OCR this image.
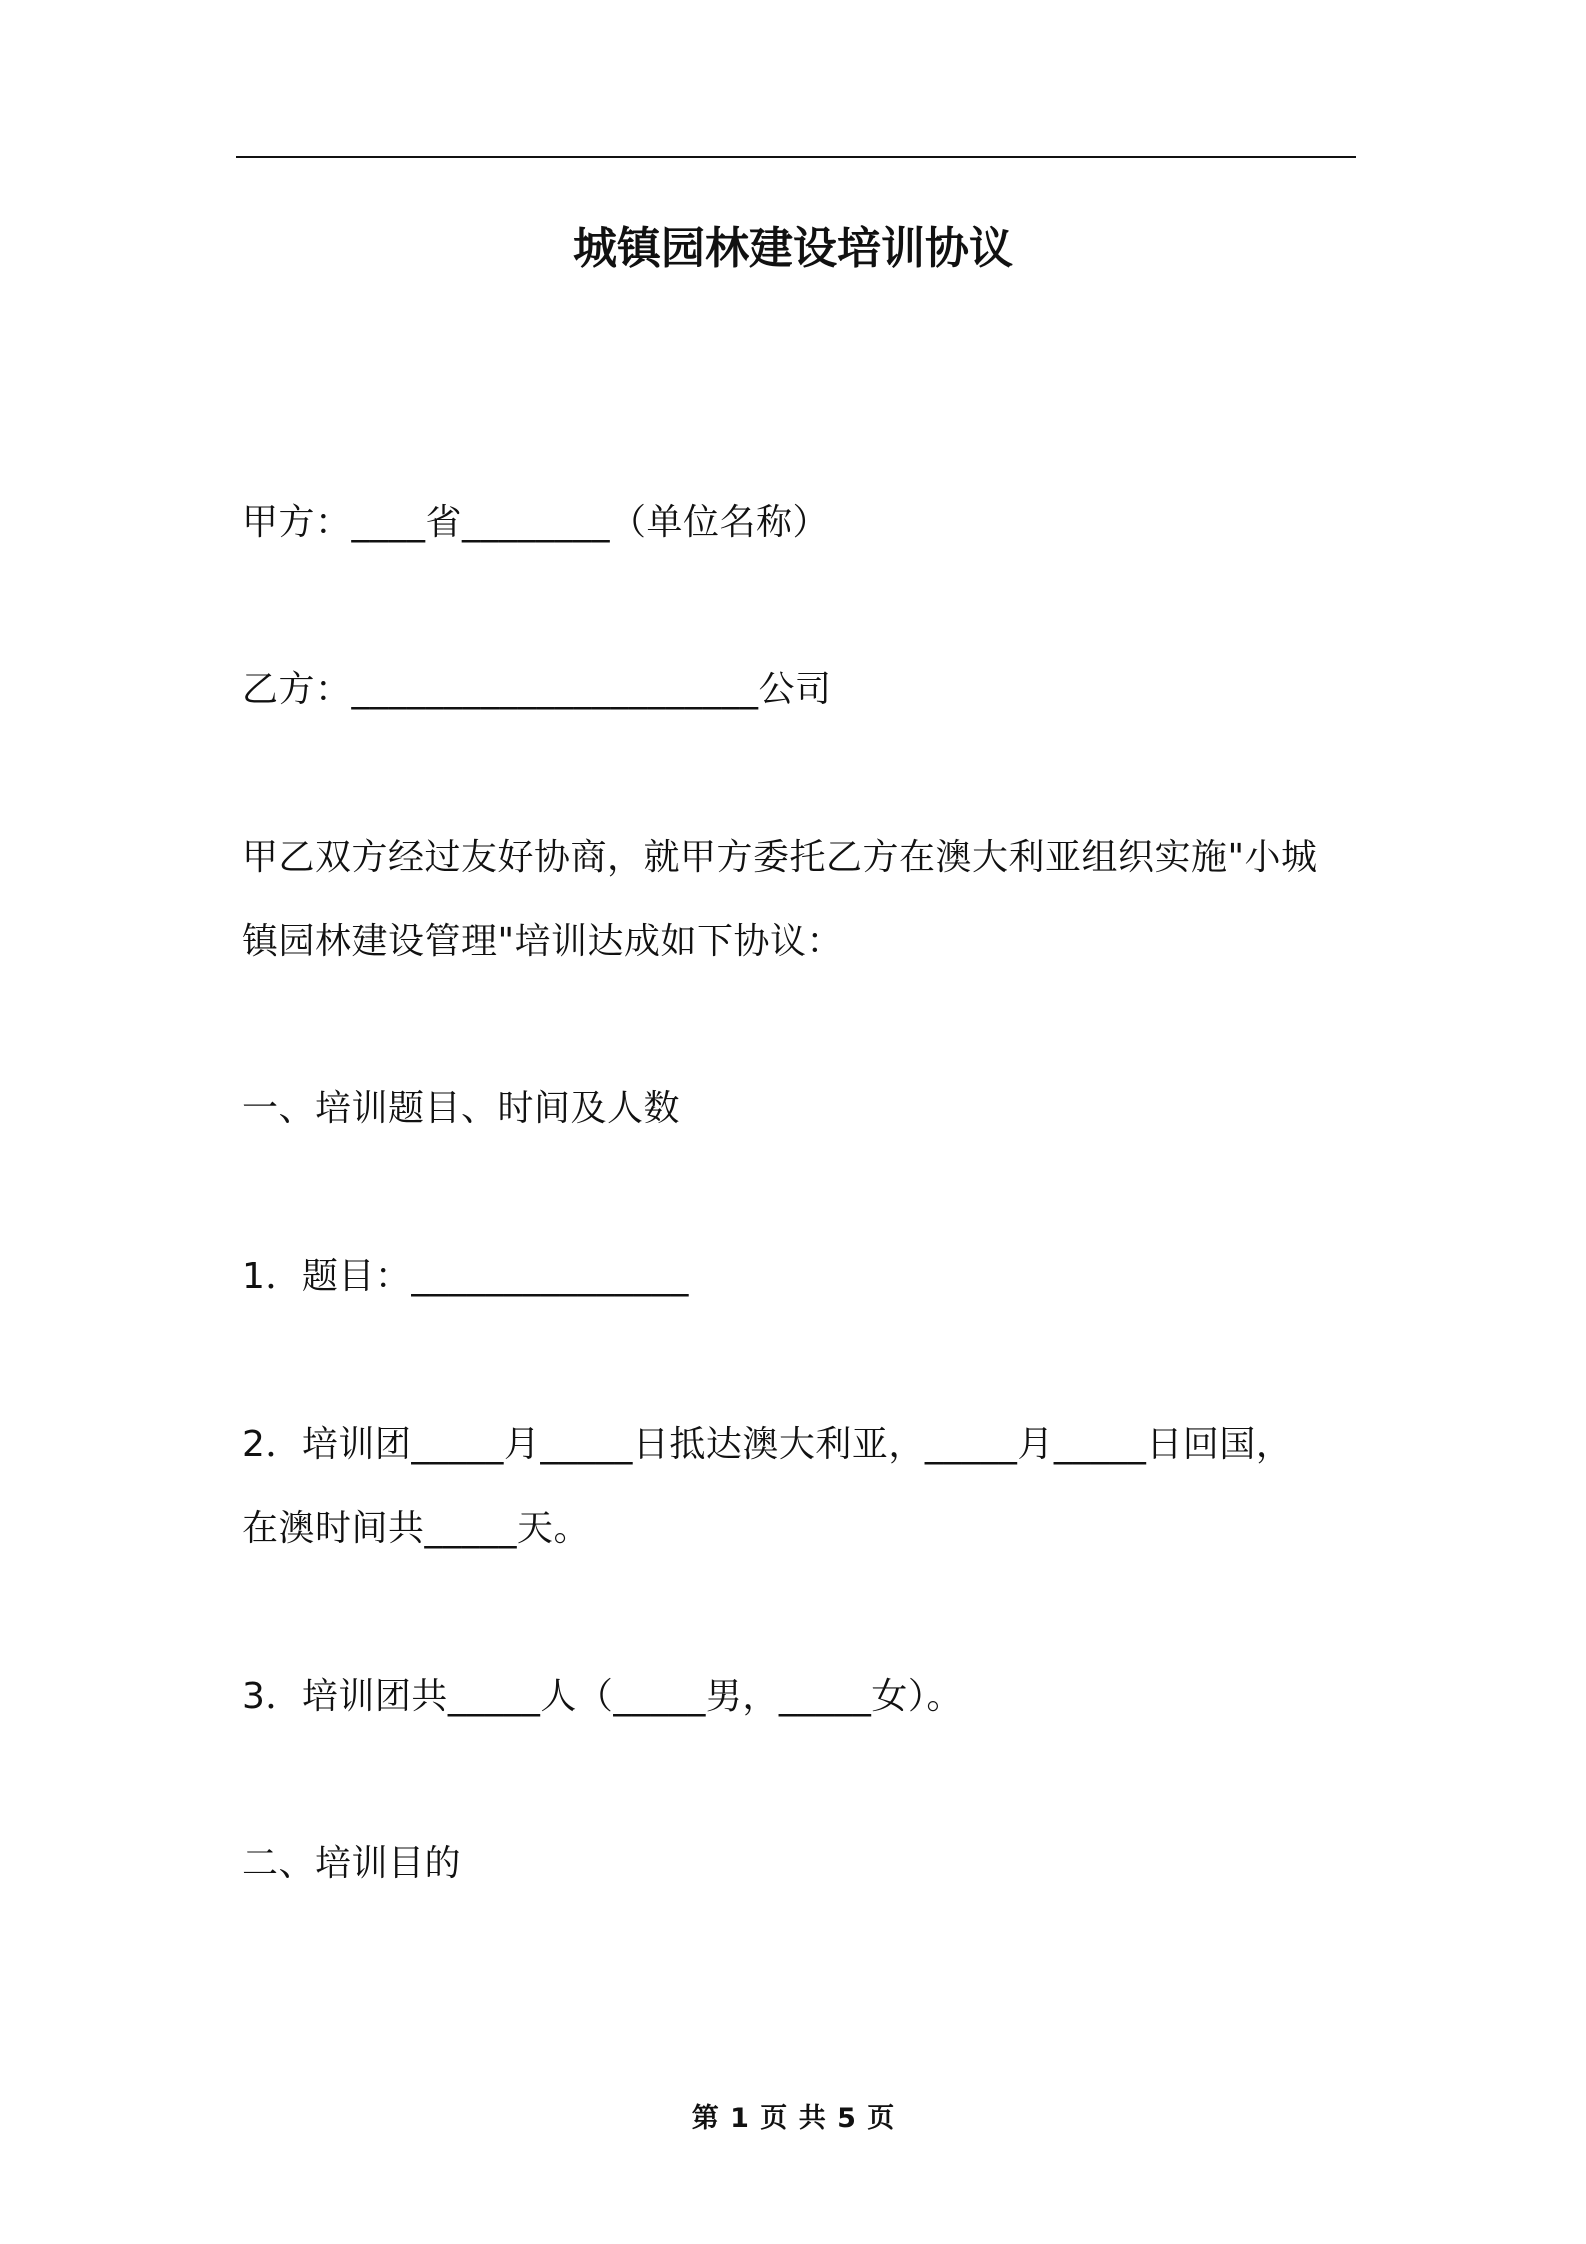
城镇园林建设培训协议
甲方：____省________（单位名称）
乙方：______________________公司
甲乙双方经过友好协商，就甲方委托乙方在澳大利亚组织实施"小城
镇园林建设管理"培训达成如下协议：
一、培训题目、时间及人数
1．题目：_______________
2．培训团_____月_____日抵达澳大利亚，_____月_____日回国，
在澳时间共_____天。
3．培训团共_____人（_____男，_____女）。
二、培训目的
第 1 页 共 5 页
